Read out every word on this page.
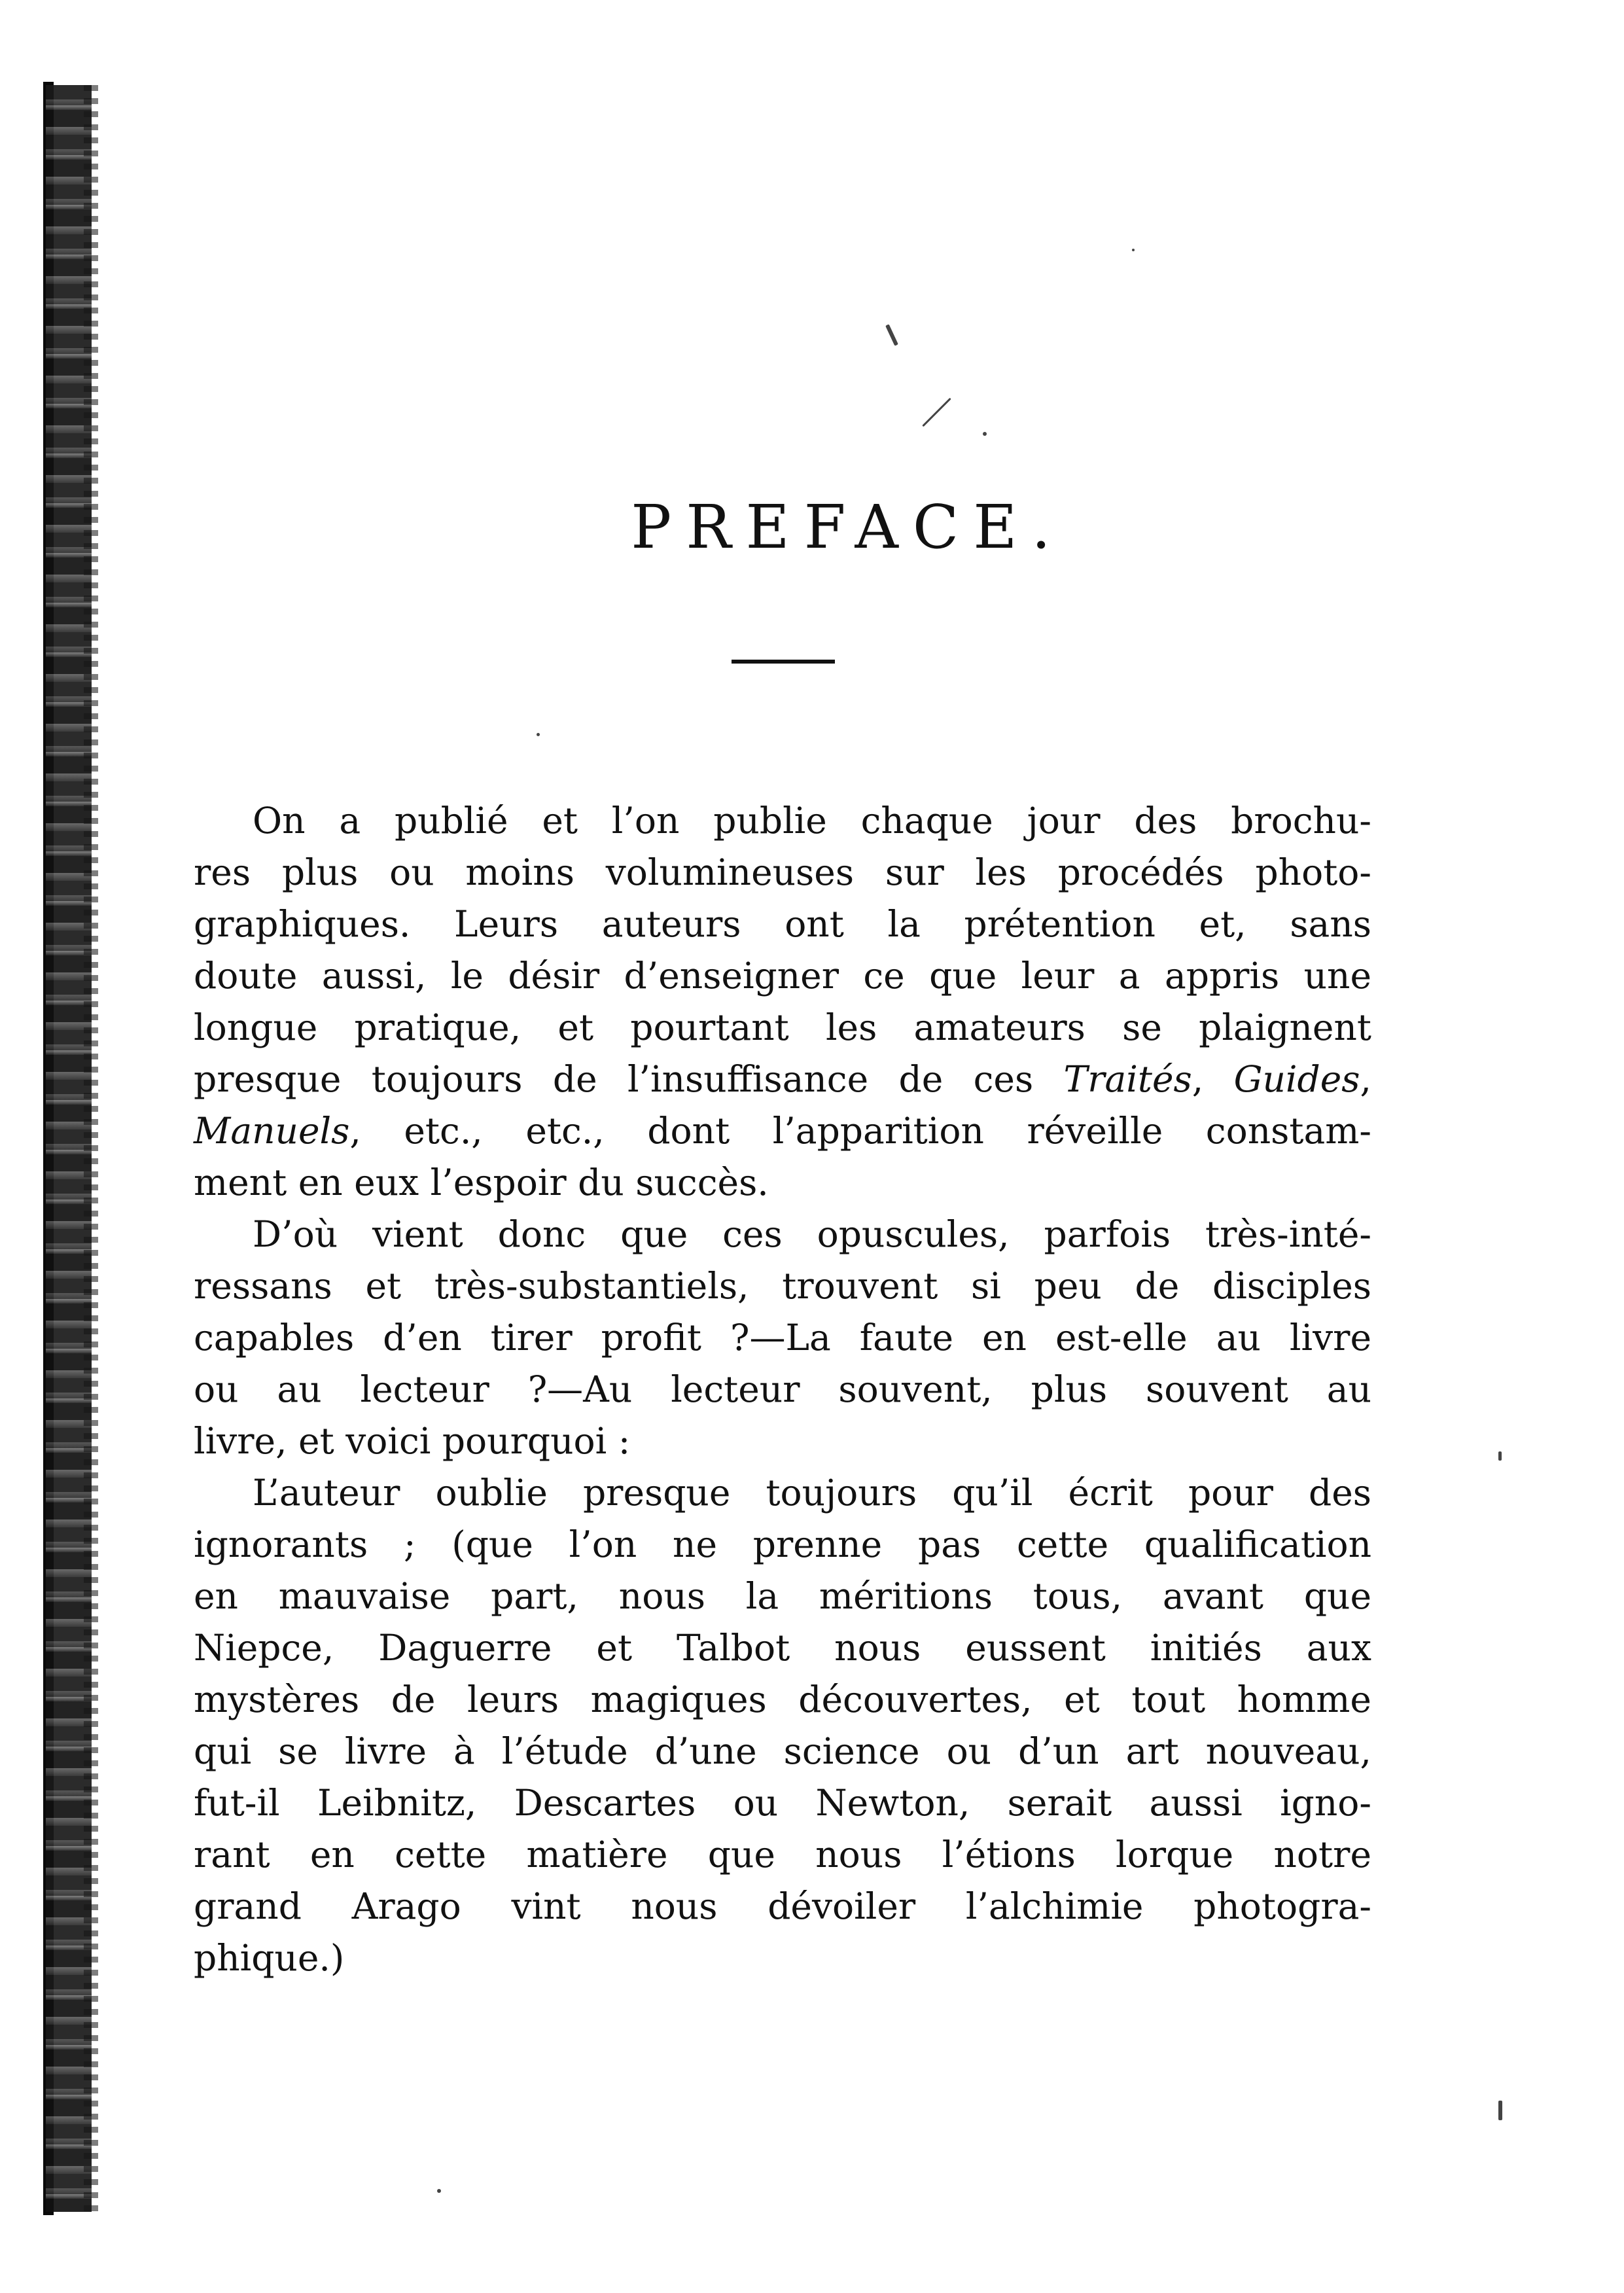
PREFACE.
On a publié et l’on publie chaque jour des brochu-
res plus ou moins volumineuses sur les procédés photo-
graphiques. Leurs auteurs ont la prétention et, sans
doute aussi, le désir d’enseigner ce que leur a appris une
longue pratique, et pourtant les amateurs se plaignent
presque toujours de l’insuffisance de ces Traités, Guides,
Manuels, etc., etc., dont l’apparition réveille constam-
ment en eux l’espoir du succès.
D’où vient donc que ces opuscules, parfois très-inté-
ressans et très-substantiels, trouvent si peu de disciples
capables d’en tirer profit ?—La faute en est-elle au livre
ou au lecteur ?—Au lecteur souvent, plus souvent au
livre, et voici pourquoi :
L’auteur oublie presque toujours qu’il écrit pour des
ignorants ; (que l’on ne prenne pas cette qualification
en mauvaise part, nous la méritions tous, avant que
Niepce, Daguerre et Talbot nous eussent initiés aux
mystères de leurs magiques découvertes, et tout homme
qui se livre à l’étude d’une science ou d’un art nouveau,
fut-il Leibnitz, Descartes ou Newton, serait aussi igno-
rant en cette matière que nous l’étions lorque notre
grand Arago vint nous dévoiler l’alchimie photogra-
phique.)
